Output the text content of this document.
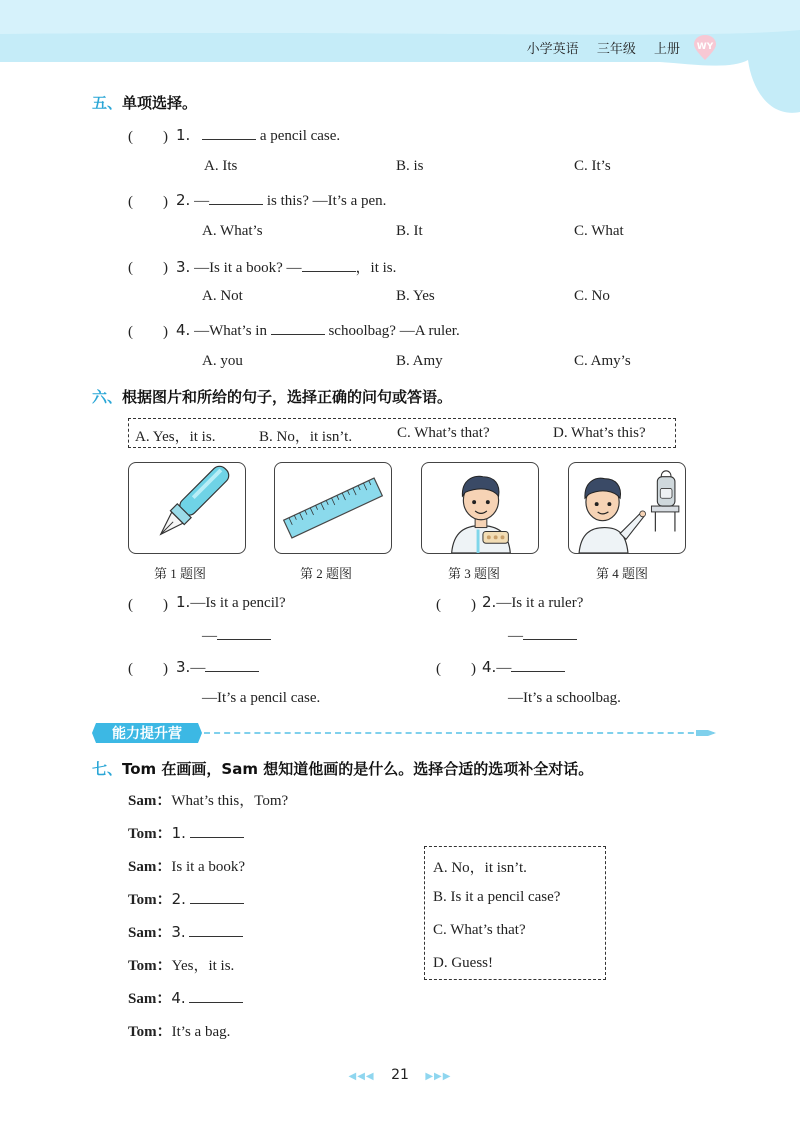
小学英语 三年级 上册 WY
五、单项选择。
(　　) 1.	a pencil case.
A. Its	B. is	C. It’s
(　　) 2. —	is this? —It’s a pen.
A. What’s	B. It	C. What
(　　) 3. —Is it a book? —	，it is.
A. Not	B. Yes	C. No
(　　) 4. —What’s in	schoolbag? —A ruler.
A. you	B. Amy	C. Amy’s
六、根据图片和所给的句子，选择正确的问句或答语。
A. Yes，it is.	B. No，it isn’t.	C. What’s that?	D. What’s this?
第 1 题图	第 2 题图	第 3 题图	第 4 题图
(　　) 1.—Is it a pencil?
—
(　　) 2.—Is it a ruler?
—
(　　) 3.—
—It’s a pencil case.
(　　) 4.—
—It’s a schoolbag.
能力提升营
七、Tom 在画画，Sam 想知道他画的是什么。选择合适的选项补全对话。
Sam：What’s this，Tom?
Tom：1.
Sam：Is it a book?
Tom：2.
Sam：3.
Tom：Yes，it is.
Sam：4.
Tom：It’s a bag.
A. No，it isn’t.
B. Is it a pencil case?
C. What’s that?
D. Guess!
◀◀◀ 21 ▶▶▶
